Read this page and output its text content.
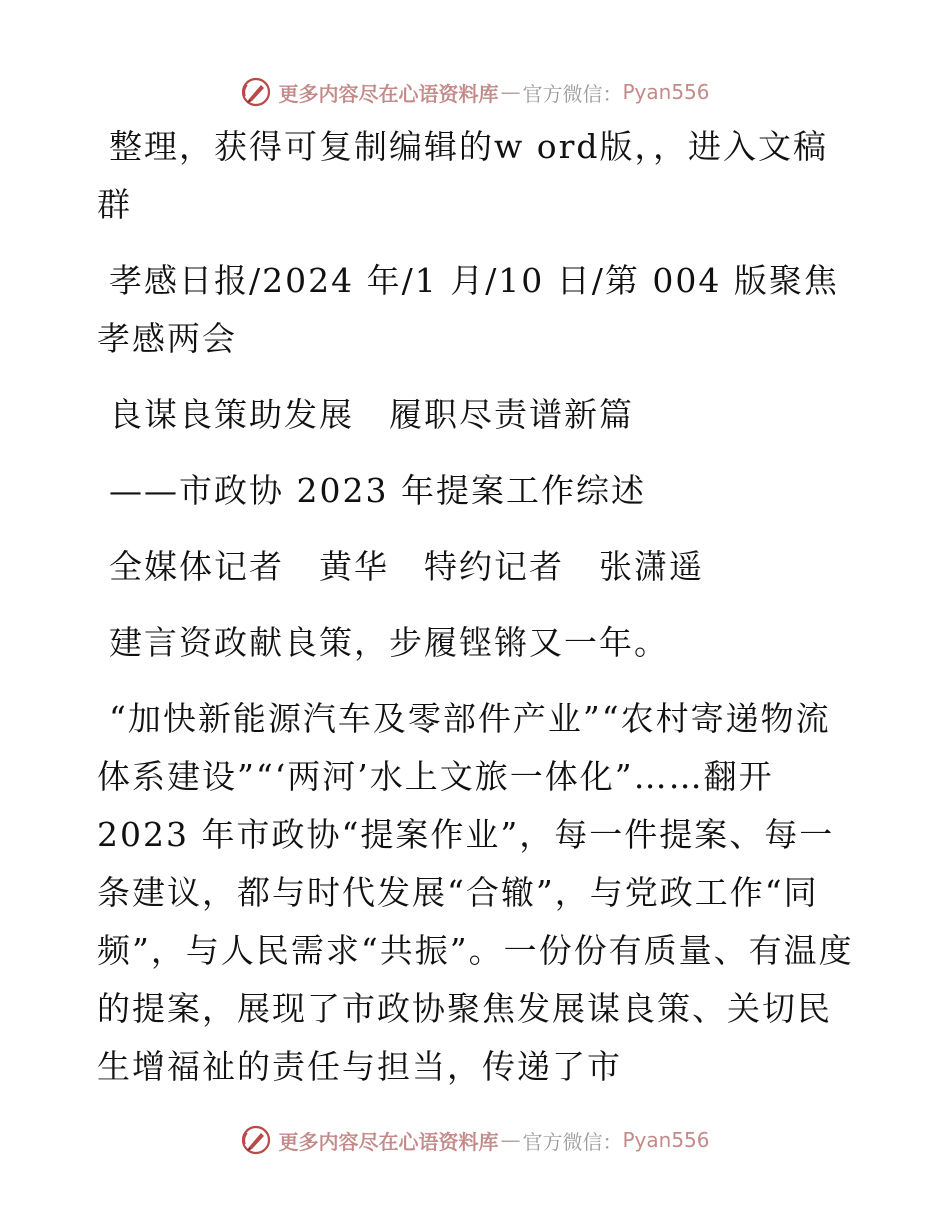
更多内容尽在心语资料库 — 官方微信： Pyan556

整理，获得可复制编辑的w ord版，，进入文稿群

孝感日报/2024 年/1 月/10 日/第 004 版聚焦孝感两会

良谋良策助发展　履职尽责谱新篇

——市政协 2023 年提案工作综述

全媒体记者　黄华　特约记者　张潇遥

建言资政献良策，步履铿锵又一年。

“加快新能源汽车及零部件产业”“农村寄递物流体系建设”“‘两河’水上文旅一体化”……翻开 2023 年市政协“提案作业”，每一件提案、每一条建议，都与时代发展“合辙”，与党政工作“同频”，与人民需求“共振”。一份份有质量、有温度的提案，展现了市政协聚焦发展谋良策、关切民生增福祉的责任与担当，传递了市

更多内容尽在心语资料库 — 官方微信： Pyan556
